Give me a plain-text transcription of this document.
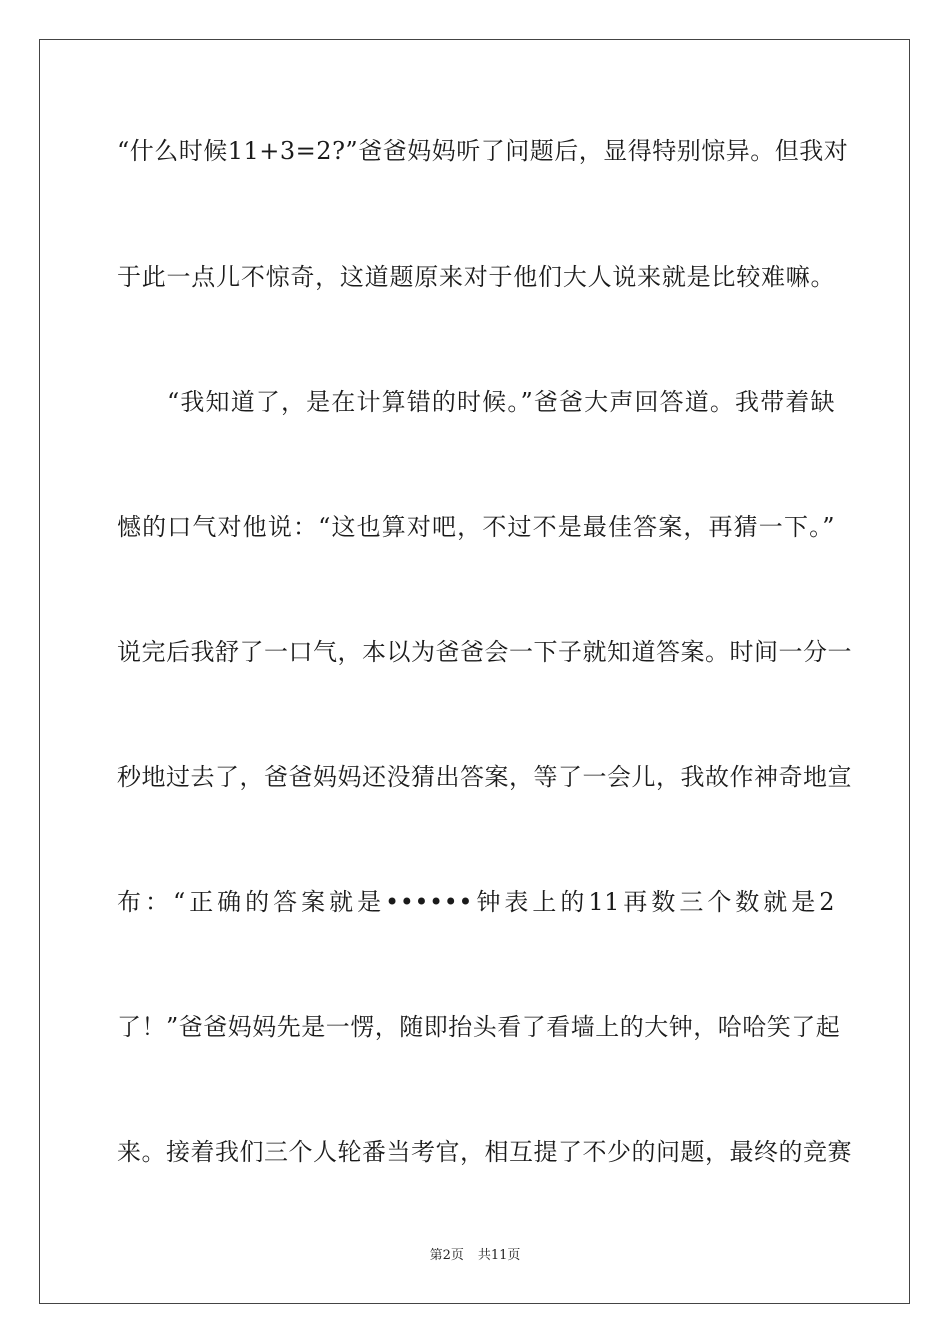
“什么时候11+3=2?”爸爸妈妈听了问题后，显得特别惊异。但我对
于此一点儿不惊奇，这道题原来对于他们大人说来就是比较难嘛。
“我知道了，是在计算错的时候。”爸爸大声回答道。我带着缺
憾的口气对他说：“这也算对吧，不过不是最佳答案，再猜一下。”
说完后我舒了一口气，本以为爸爸会一下子就知道答案。时间一分一
秒地过去了，爸爸妈妈还没猜出答案，等了一会儿，我故作神奇地宣
布：“正确的答案就是••••••钟表上的11再数三个数就是2
了！”爸爸妈妈先是一愣，随即抬头看了看墙上的大钟，哈哈笑了起
来。接着我们三个人轮番当考官，相互提了不少的问题，最终的竞赛
第2页 共11页
